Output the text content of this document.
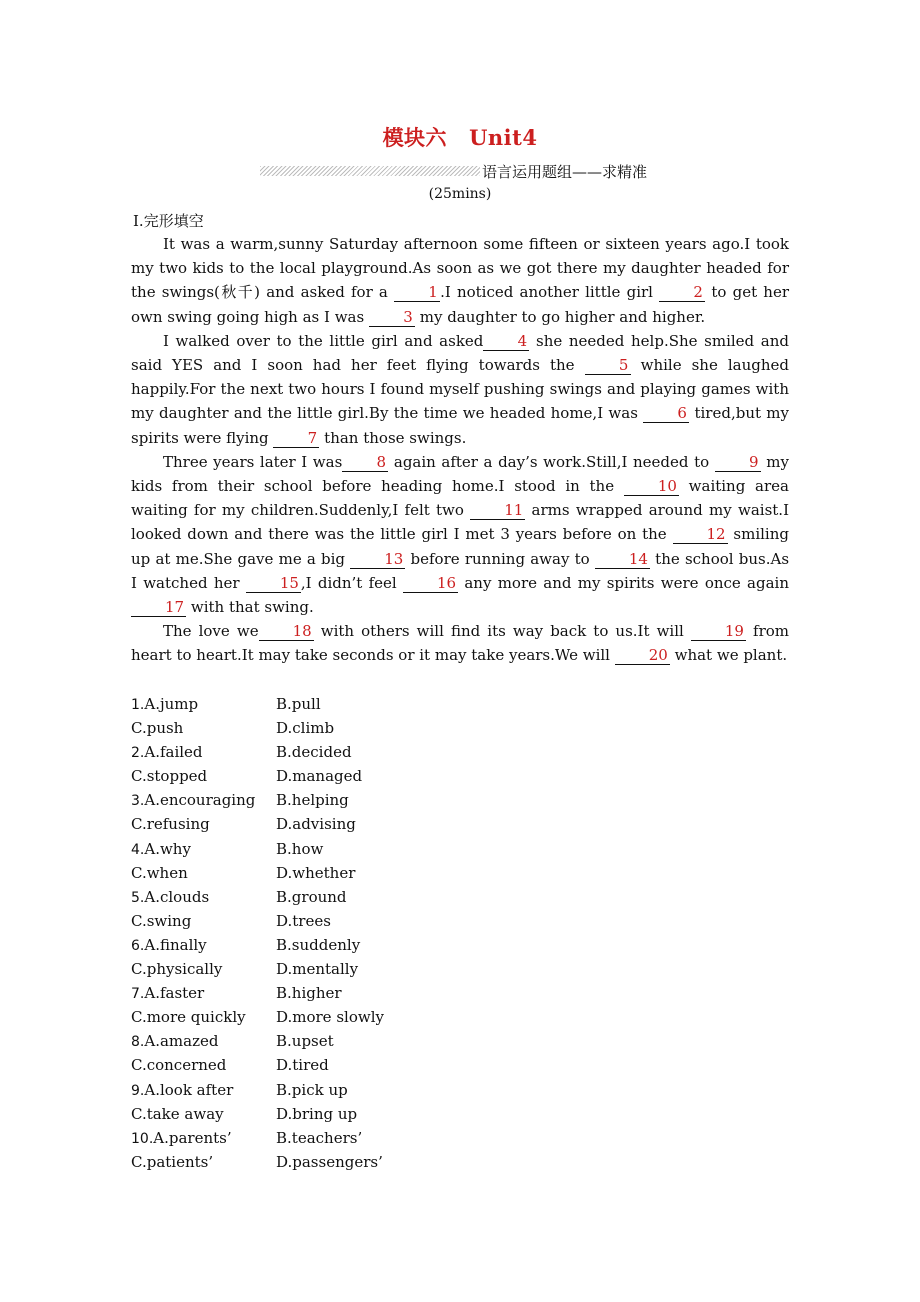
模块六 Unit4
语言运用题组——求精准
(25mins)
Ⅰ.完形填空

It was a warm,sunny Saturday afternoon some fifteen or sixteen years ago.I took my two kids to the local playground.As soon as we got there my daughter headed for the swings(秋千) and asked for a 1 .I noticed another little girl 2 to get her own swing going high as I was 3 my daughter to go higher and higher.

I walked over to the little girl and asked 4 she needed help.She smiled and said YES and I soon had her feet flying towards the 5 while she laughed happily.For the next two hours I found myself pushing swings and playing games with my daughter and the little girl.By the time we headed home,I was 6 tired,but my spirits were flying 7 than those swings.

Three years later I was 8 again after a day’s work.Still,I needed to 9 my kids from their school before heading home.I stood in the 10 waiting area waiting for my children.Suddenly,I felt two 11 arms wrapped around my waist.I looked down and there was the little girl I met 3 years before on the 12 smiling up at me.She gave me a big 13 before running away to 14 the school bus.As I watched her 15 ,I didn’t feel 16 any more and my spirits were once again 17 with that swing.

The love we 18 with others will find its way back to us.It will 19 from heart to heart.It may take seconds or it may take years.We will 20 what we plant.

1.A.jump	B.pull
C.push	D.climb
2.A.failed	B.decided
C.stopped	D.managed
3.A.encouraging	B.helping
C.refusing	D.advising
4.A.why	B.how
C.when	D.whether
5.A.clouds	B.ground
C.swing	D.trees
6.A.finally	B.suddenly
C.physically	D.mentally
7.A.faster	B.higher
C.more quickly	D.more slowly
8.A.amazed	B.upset
C.concerned	D.tired
9.A.look after	B.pick up
C.take away	D.bring up
10.A.parents’	B.teachers’
C.patients’	D.passengers’
